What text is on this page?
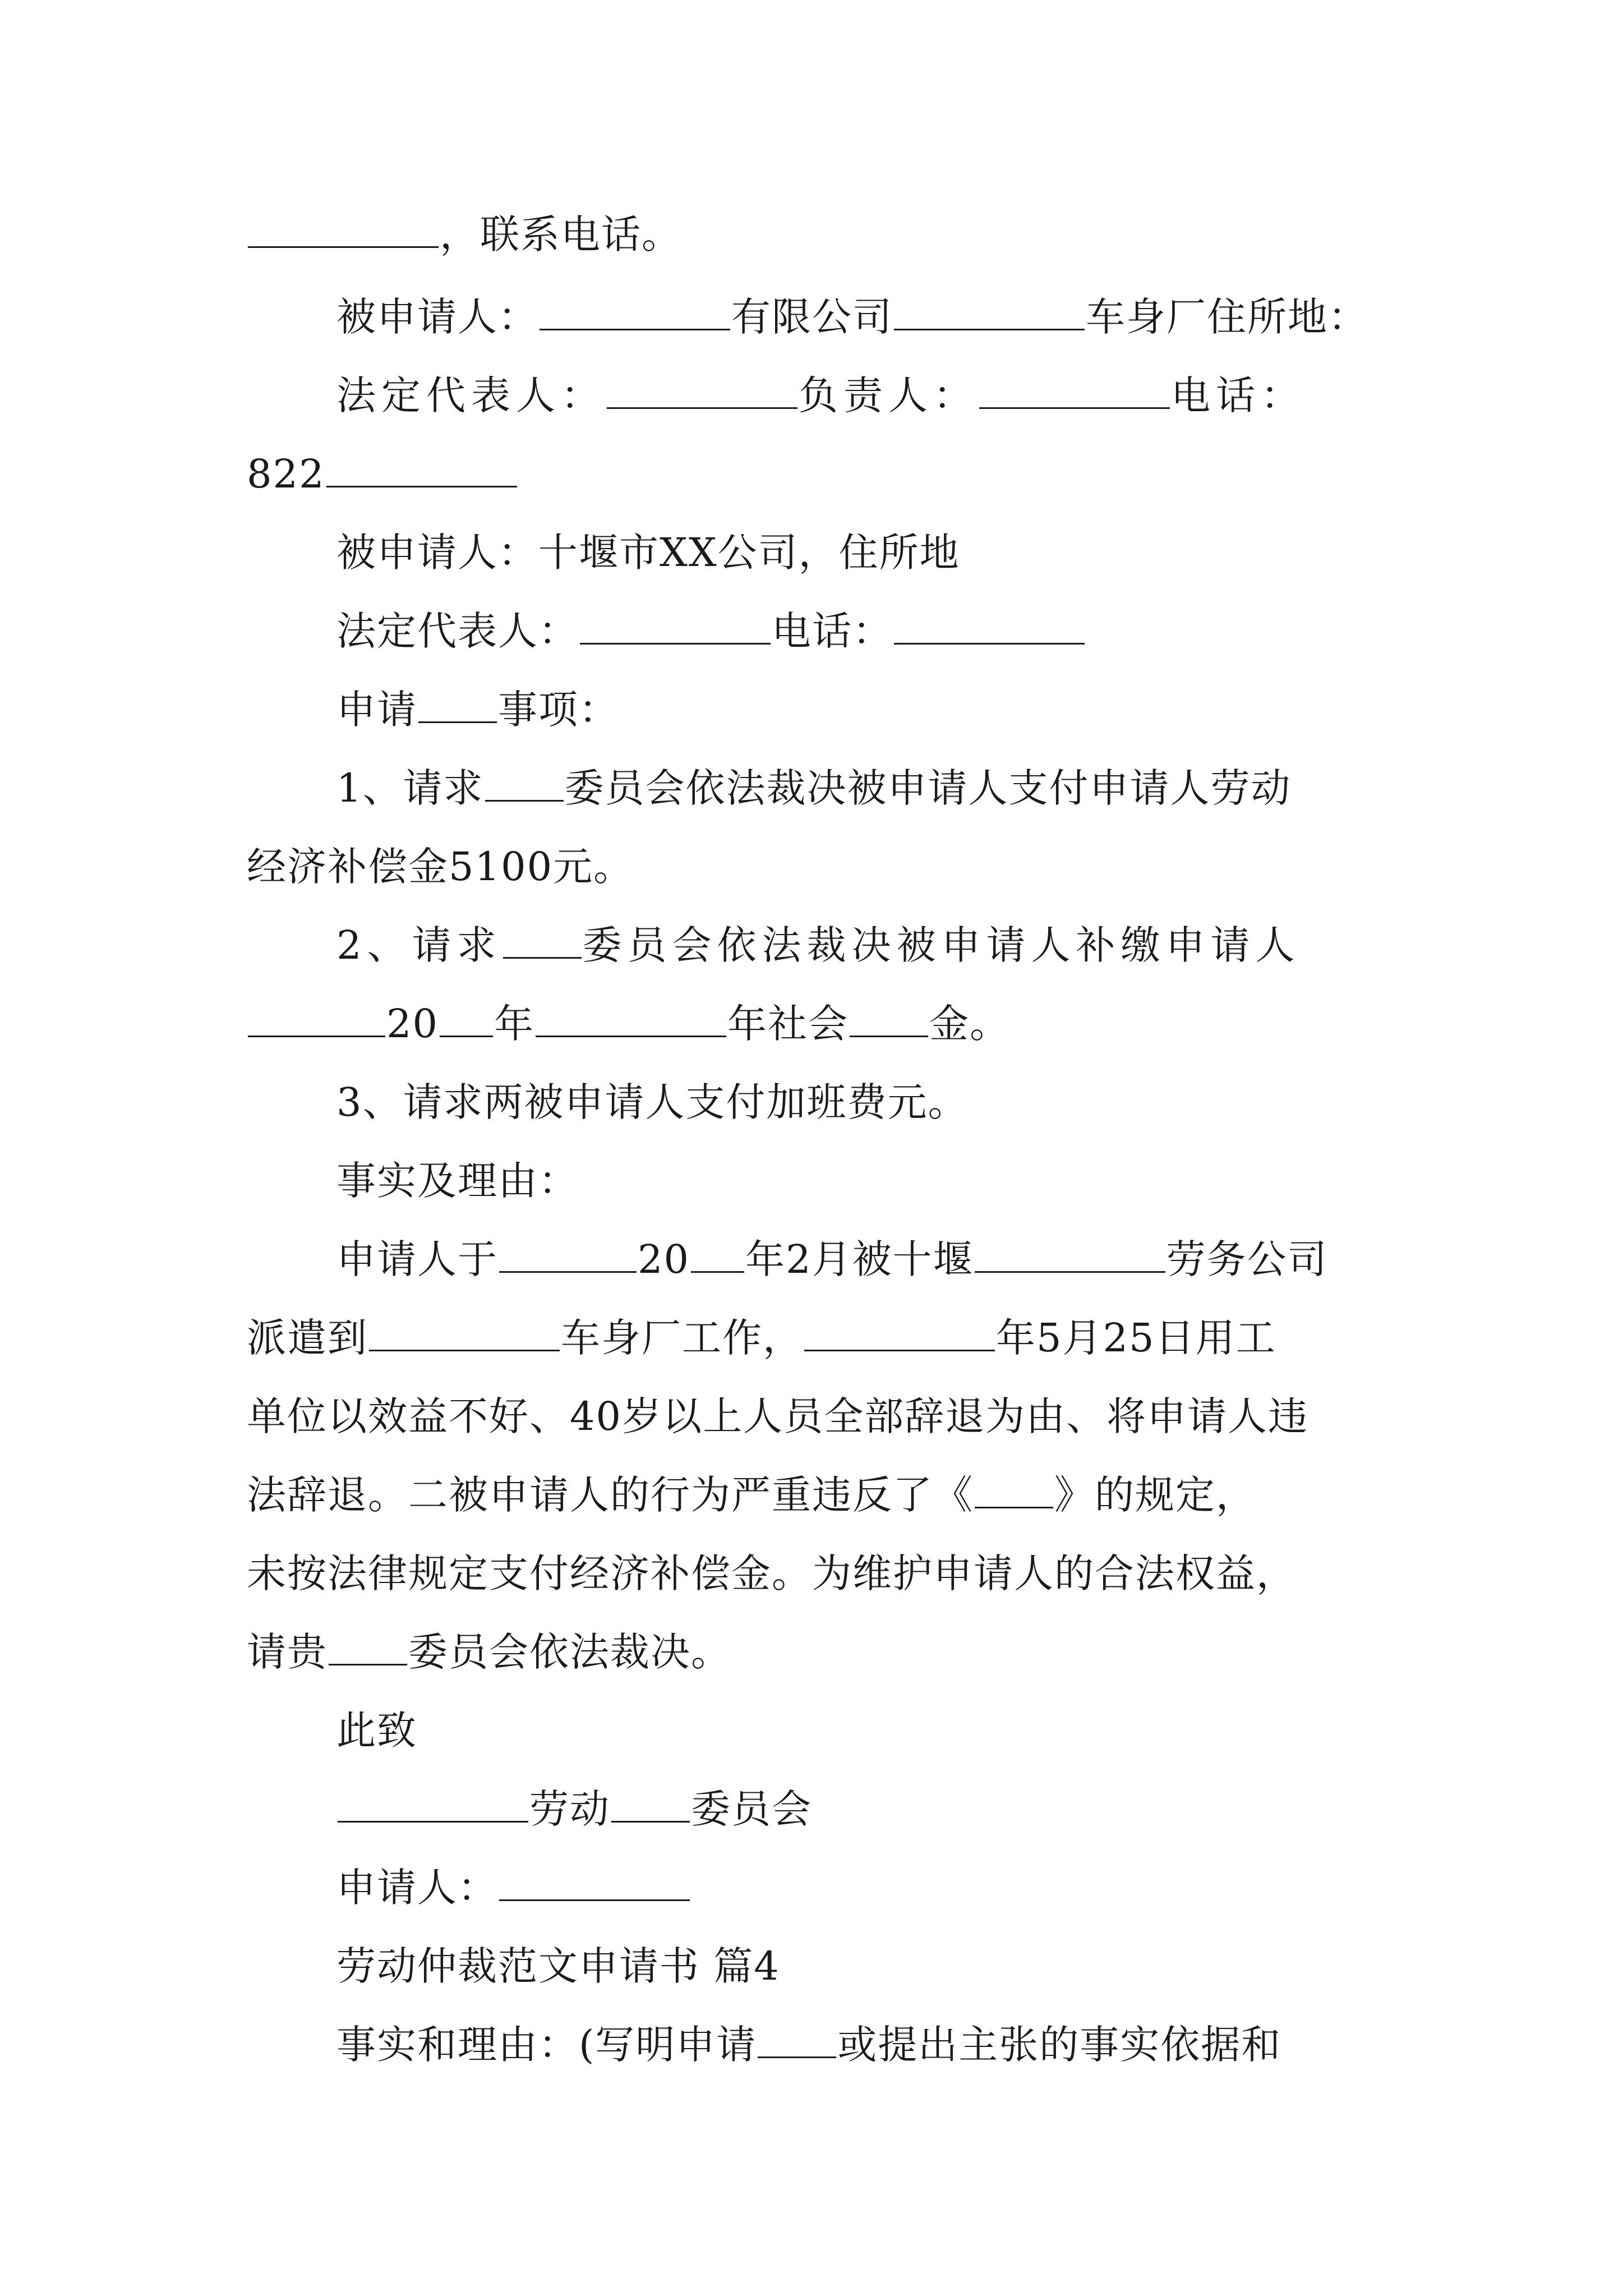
，联系电话。
被申请人：	有限公司	车身厂住所地：
法定代表人：	负责人：	电话：
822
被申请人：十堰市XX公司，住所地
法定代表人：	电话：
申请 事项：
1、请求 委员会依法裁决被申请人支付申请人劳动
经济补偿金5100元。
2、请求 委员会依法裁决被申请人补缴申请人
20 年	年社会 金。
3、请求两被申请人支付加班费元。
事实及理由：
申请人于	20 年2月被十堰	劳务公司
派遣到	车身厂工作，	年5月25日用工
单位以效益不好、40岁以上人员全部辞退为由、将申请人违
法辞退。二被申请人的行为严重违反了《 》的规定，
未按法律规定支付经济补偿金。为维护申请人的合法权益，
请贵 委员会依法裁决。
此致
劳动 委员会
申请人：
劳动仲裁范文申请书 篇4
事实和理由：(写明申请 或提出主张的事实依据和
